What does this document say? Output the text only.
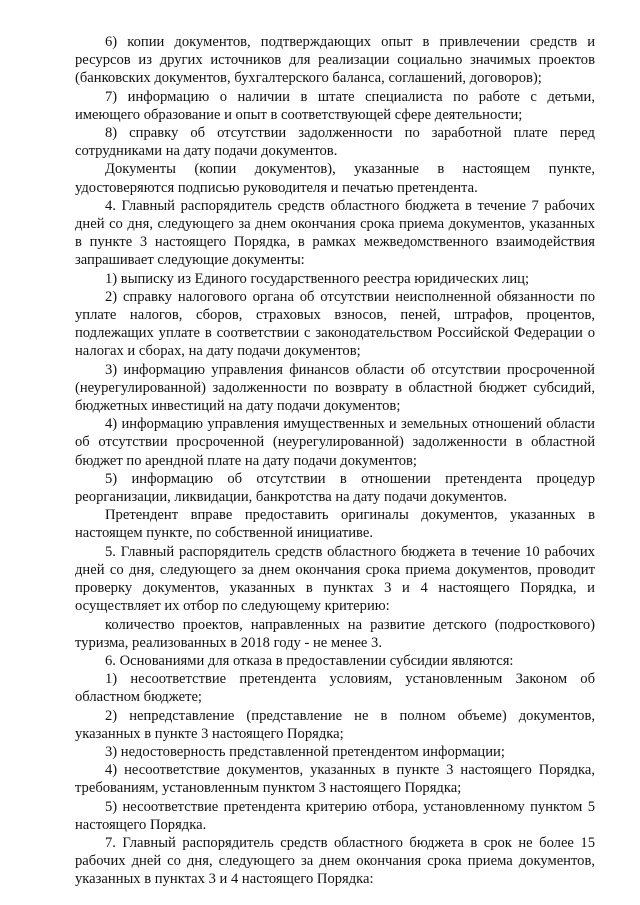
6) копии документов, подтверждающих опыт в привлечении средств и ресурсов из других источников для реализации социально значимых проектов (банковских документов, бухгалтерского баланса, соглашений, договоров);

7) информацию о наличии в штате специалиста по работе с детьми, имеющего образование и опыт в соответствующей сфере деятельности;

8) справку об отсутствии задолженности по заработной плате перед сотрудниками на дату подачи документов.

Документы (копии документов), указанные в настоящем пункте, удостоверяются подписью руководителя и печатью претендента.

4. Главный распорядитель средств областного бюджета в течение 7 рабочих дней со дня, следующего за днем окончания срока приема документов, указанных в пункте 3 настоящего Порядка, в рамках межведомственного взаимодействия запрашивает следующие документы:

1) выписку из Единого государственного реестра юридических лиц;

2) справку налогового органа об отсутствии неисполненной обязанности по уплате налогов, сборов, страховых взносов, пеней, штрафов, процентов, подлежащих уплате в соответствии с законодательством Российской Федерации о налогах и сборах, на дату подачи документов;

3) информацию управления финансов области об отсутствии просроченной (неурегулированной) задолженности по возврату в областной бюджет субсидий, бюджетных инвестиций на дату подачи документов;

4) информацию управления имущественных и земельных отношений области об отсутствии просроченной (неурегулированной) задолженности в областной бюджет по арендной плате на дату подачи документов;

5) информацию об отсутствии в отношении претендента процедур реорганизации, ликвидации, банкротства на дату подачи документов.

Претендент вправе предоставить оригиналы документов, указанных в настоящем пункте, по собственной инициативе.

5. Главный распорядитель средств областного бюджета в течение 10 рабочих дней со дня, следующего за днем окончания срока приема документов, проводит проверку документов, указанных в пунктах 3 и 4 настоящего Порядка, и осуществляет их отбор по следующему критерию:

количество проектов, направленных на развитие детского (подросткового) туризма, реализованных в 2018 году - не менее 3.

6. Основаниями для отказа в предоставлении субсидии являются:

1) несоответствие претендента условиям, установленным Законом об областном бюджете;

2) непредставление (представление не в полном объеме) документов, указанных в пункте 3 настоящего Порядка;

3) недостоверность представленной претендентом информации;

4) несоответствие документов, указанных в пункте 3 настоящего Порядка, требованиям, установленным пунктом 3 настоящего Порядка;

5) несоответствие претендента критерию отбора, установленному пунктом 5 настоящего Порядка.

7. Главный распорядитель средств областного бюджета в срок не более 15 рабочих дней со дня, следующего за днем окончания срока приема документов, указанных в пунктах 3 и 4 настоящего Порядка:
